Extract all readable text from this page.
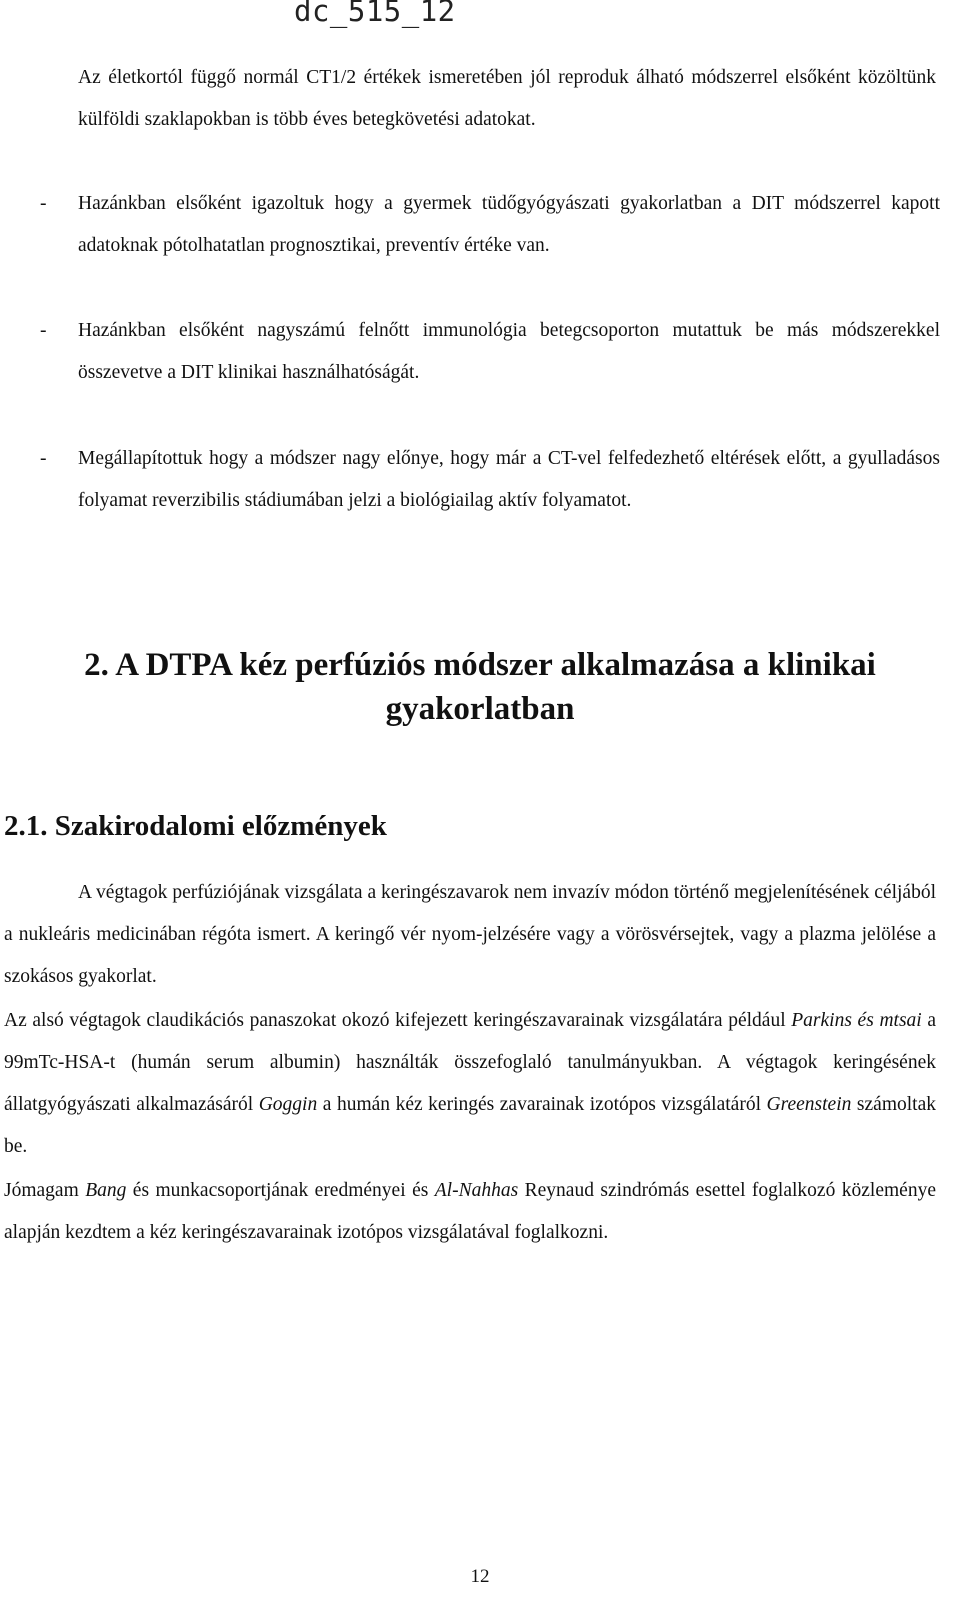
dc_515_12
Az életkortól függő normál CT1/2 értékek ismeretében jól reproduk álható módszerrel elsőként közöltünk külföldi szaklapokban is több éves betegkövetési adatokat.
-	Hazánkban elsőként igazoltuk hogy a gyermek tüdőgyógyászati gyakorlatban a DIT módszerrel kapott adatoknak pótolhatatlan prognosztikai, preventív értéke van.
-	Hazánkban elsőként nagyszámú felnőtt immunológia betegcsoporton mutattuk be más módszerekkel összevetve a DIT klinikai használhatóságát.
-	Megállapítottuk hogy a módszer nagy előnye, hogy már a CT-vel felfedezhető eltérések előtt, a gyulladásos folyamat reverzibilis stádiumában jelzi a biológiailag aktív folyamatot.
2. A DTPA kéz perfúziós módszer alkalmazása a klinikai
gyakorlatban
2.1. Szakirodalomi előzmények
A végtagok perfúziójának vizsgálata a keringészavarok nem invazív módon történő megjelenítésének céljából a nukleáris medicinában régóta ismert. A keringő vér nyom-jelzésére vagy a vörösvérsejtek, vagy a plazma jelölése a szokásos gyakorlat.
Az alsó végtagok claudikációs panaszokat okozó kifejezett keringészavarainak vizsgálatára például Parkins és mtsai a 99mTc-HSA-t (humán serum albumin) használták összefoglaló tanulmányukban. A végtagok keringésének állatgyógyászati alkalmazásáról Goggin a humán kéz keringés zavarainak izotópos vizsgálatáról Greenstein számoltak be.
Jómagam Bang és munkacsoportjának eredményei és Al-Nahhas Reynaud szindrómás esettel foglalkozó közleménye alapján kezdtem a kéz keringészavarainak izotópos vizsgálatával foglalkozni.
12
